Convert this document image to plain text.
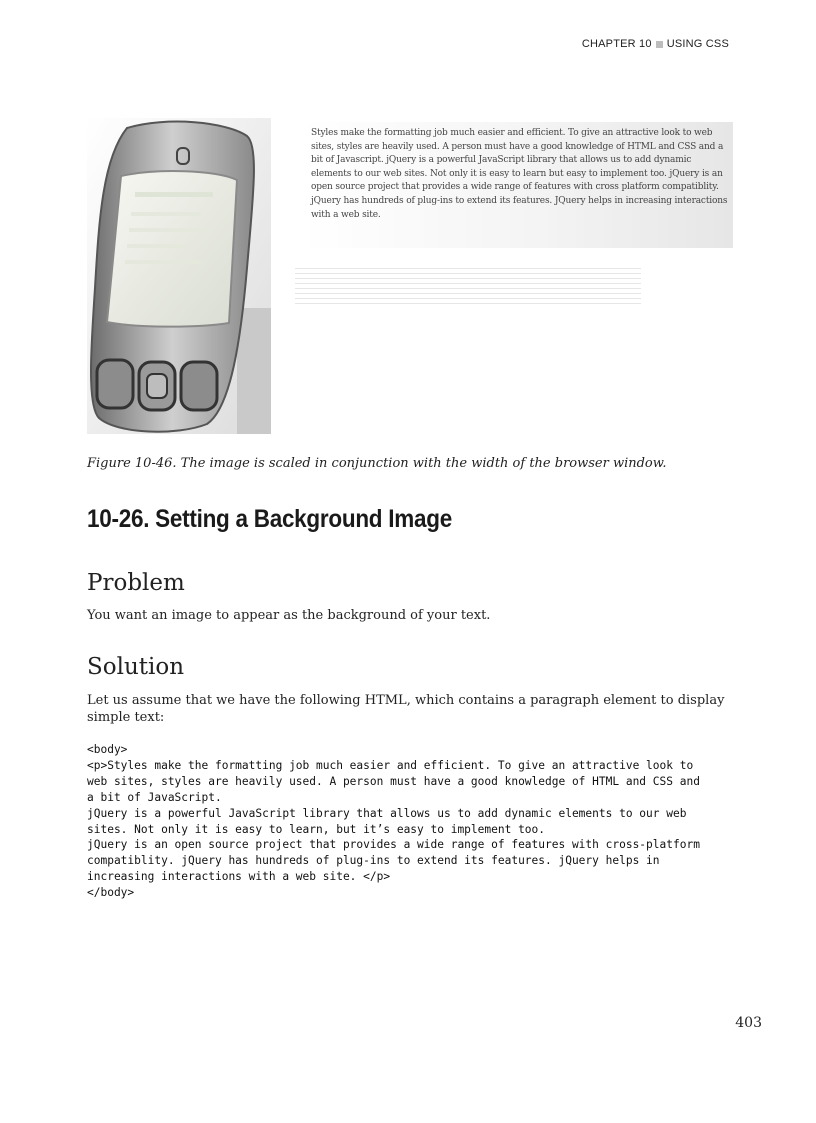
CHAPTER 10 USING CSS
Styles make the formatting job much easier and efficient. To give an attractive look to web sites, styles are heavily used. A person must have a good knowledge of HTML and CSS and a bit of Javascript. jQuery is a powerful JavaScript library that allows us to add dynamic elements to our web sites. Not only it is easy to learn but easy to implement too. jQuery is an open source project that provides a wide range of features with cross platform compatiblity. jQuery has hundreds of plug-ins to extend its features. JQuery helps in increasing interactions with a web site.
Figure 10-46. The image is scaled in conjunction with the width of the browser window.
10-26. Setting a Background Image
Problem

You want an image to appear as the background of your text.

Solution

Let us assume that we have the following HTML, which contains a paragraph element to display simple text:

<body>
<p>Styles make the formatting job much easier and efficient. To give an attractive look to
web sites, styles are heavily used. A person must have a good knowledge of HTML and CSS and
a bit of JavaScript.
jQuery is a powerful JavaScript library that allows us to add dynamic elements to our web
sites. Not only it is easy to learn, but it’s easy to implement too.
jQuery is an open source project that provides a wide range of features with cross-platform
compatiblity. jQuery has hundreds of plug-ins to extend its features. jQuery helps in
increasing interactions with a web site. </p>
</body>
403
